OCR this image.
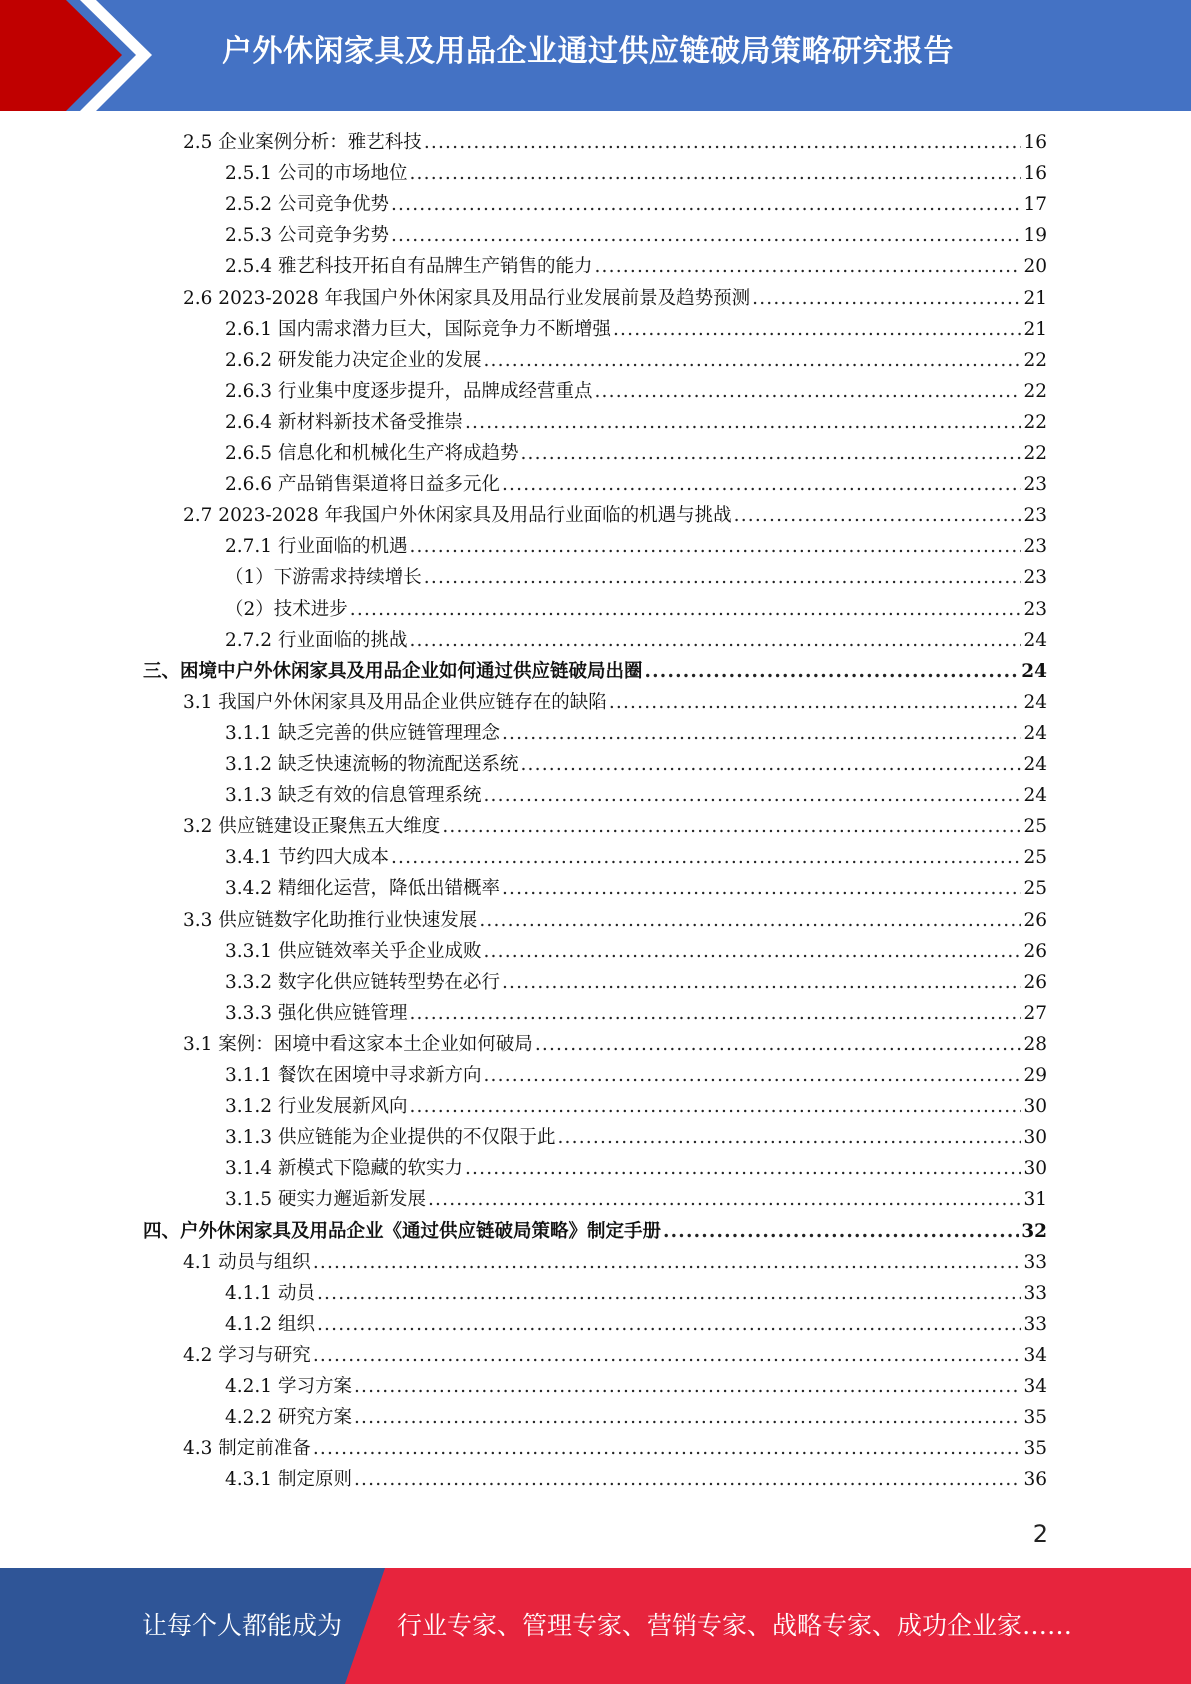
户外休闲家具及用品企业通过供应链破局策略研究报告
2.5 企业案例分析：雅艺科技 .....	16
2.5.1 公司的市场地位 .....	16
2.5.2 公司竞争优势 .....	17
2.5.3 公司竞争劣势 .....	19
2.5.4 雅艺科技开拓自有品牌生产销售的能力 .....	20
2.6 2023-2028 年我国户外休闲家具及用品行业发展前景及趋势预测 .....	21
2.6.1 国内需求潜力巨大，国际竞争力不断增强 .....	21
2.6.2 研发能力决定企业的发展 .....	22
2.6.3 行业集中度逐步提升，品牌成经营重点 .....	22
2.6.4 新材料新技术备受推崇 .....	22
2.6.5 信息化和机械化生产将成趋势 .....	22
2.6.6 产品销售渠道将日益多元化 .....	23
2.7 2023-2028 年我国户外休闲家具及用品行业面临的机遇与挑战 .....	23
2.7.1 行业面临的机遇 .....	23
（1）下游需求持续增长 .....	23
（2）技术进步 .....	23
2.7.2 行业面临的挑战 .....	24
三、困境中户外休闲家具及用品企业如何通过供应链破局出圈 .....	24
3.1 我国户外休闲家具及用品企业供应链存在的缺陷 .....	24
3.1.1 缺乏完善的供应链管理理念 .....	24
3.1.2 缺乏快速流畅的物流配送系统 .....	24
3.1.3 缺乏有效的信息管理系统 .....	24
3.2 供应链建设正聚焦五大维度 .....	25
3.4.1 节约四大成本 .....	25
3.4.2 精细化运营，降低出错概率 .....	25
3.3 供应链数字化助推行业快速发展 .....	26
3.3.1 供应链效率关乎企业成败 .....	26
3.3.2 数字化供应链转型势在必行 .....	26
3.3.3 强化供应链管理 .....	27
3.1 案例：困境中看这家本土企业如何破局 .....	28
3.1.1 餐饮在困境中寻求新方向 .....	29
3.1.2 行业发展新风向 .....	30
3.1.3 供应链能为企业提供的不仅限于此 .....	30
3.1.4 新模式下隐藏的软实力 .....	30
3.1.5 硬实力邂逅新发展 .....	31
四、户外休闲家具及用品企业《通过供应链破局策略》制定手册 .....	32
4.1 动员与组织 .....	33
4.1.1 动员 .....	33
4.1.2 组织 .....	33
4.2 学习与研究 .....	34
4.2.1 学习方案 .....	34
4.2.2 研究方案 .....	35
4.3 制定前准备 .....	35
4.3.1 制定原则 .....	36
2
让每个人都能成为 行业专家、管理专家、营销专家、战略专家、成功企业家……
